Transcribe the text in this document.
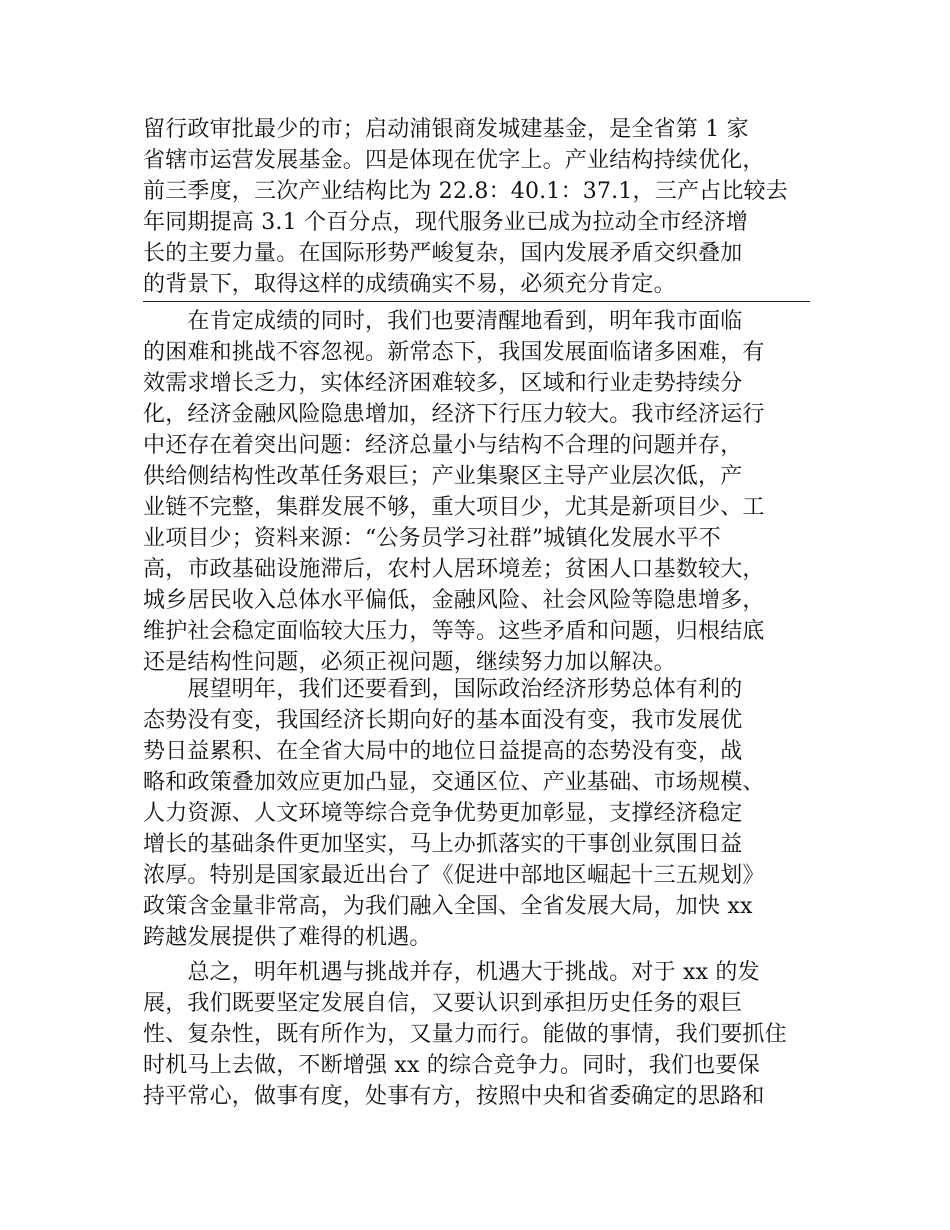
留行政审批最少的市；启动浦银商发城建基金，是全省第 1 家
省辖市运营发展基金。四是体现在优字上。产业结构持续优化，
前三季度，三次产业结构比为 22.8：40.1：37.1，三产占比较去
年同期提高 3.1 个百分点，现代服务业已成为拉动全市经济增
长的主要力量。在国际形势严峻复杂，国内发展矛盾交织叠加
的背景下，取得这样的成绩确实不易，必须充分肯定。
　　在肯定成绩的同时，我们也要清醒地看到，明年我市面临
的困难和挑战不容忽视。新常态下，我国发展面临诸多困难，有
效需求增长乏力，实体经济困难较多，区域和行业走势持续分
化，经济金融风险隐患增加，经济下行压力较大。我市经济运行
中还存在着突出问题：经济总量小与结构不合理的问题并存，
供给侧结构性改革任务艰巨；产业集聚区主导产业层次低，产
业链不完整，集群发展不够，重大项目少，尤其是新项目少、工
业项目少；资料来源：“公务员学习社群”城镇化发展水平不
高，市政基础设施滞后，农村人居环境差；贫困人口基数较大，
城乡居民收入总体水平偏低，金融风险、社会风险等隐患增多，
维护社会稳定面临较大压力，等等。这些矛盾和问题，归根结底
还是结构性问题，必须正视问题，继续努力加以解决。
　　展望明年，我们还要看到，国际政治经济形势总体有利的
态势没有变，我国经济长期向好的基本面没有变，我市发展优
势日益累积、在全省大局中的地位日益提高的态势没有变，战
略和政策叠加效应更加凸显，交通区位、产业基础、市场规模、
人力资源、人文环境等综合竞争优势更加彰显，支撑经济稳定
增长的基础条件更加坚实，马上办抓落实的干事创业氛围日益
浓厚。特别是国家最近出台了《促进中部地区崛起十三五规划》
政策含金量非常高，为我们融入全国、全省发展大局，加快 xx
跨越发展提供了难得的机遇。
　　总之，明年机遇与挑战并存，机遇大于挑战。对于 xx 的发
展，我们既要坚定发展自信，又要认识到承担历史任务的艰巨
性、复杂性，既有所作为，又量力而行。能做的事情，我们要抓住
时机马上去做，不断增强 xx 的综合竞争力。同时，我们也要保
持平常心，做事有度，处事有方，按照中央和省委确定的思路和
